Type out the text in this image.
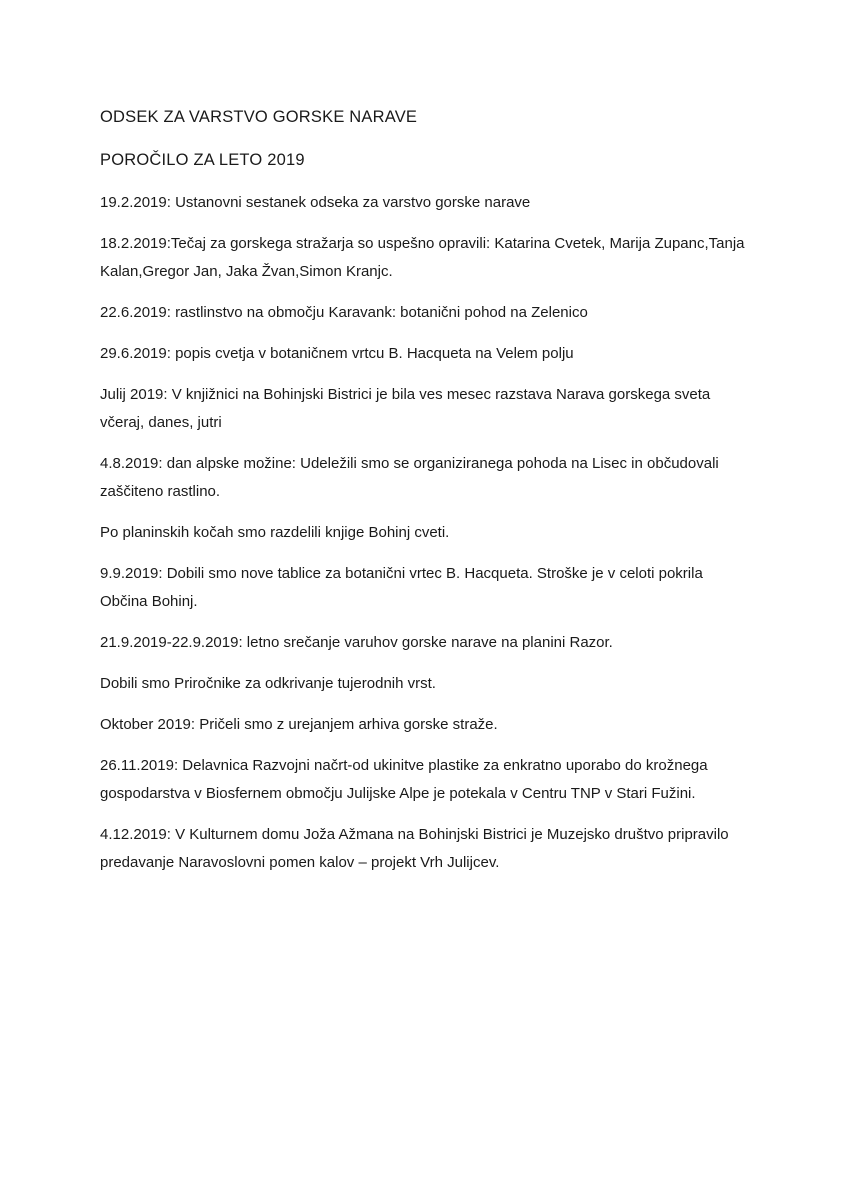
ODSEK ZA VARSTVO GORSKE NARAVE
POROČILO ZA LETO 2019

19.2.2019: Ustanovni sestanek odseka za varstvo gorske narave

18.2.2019:Tečaj za gorskega stražarja so uspešno opravili: Katarina Cvetek, Marija Zupanc,Tanja Kalan,Gregor Jan, Jaka Žvan,Simon Kranjc.

22.6.2019: rastlinstvo na območju Karavank: botanični pohod na Zelenico

29.6.2019: popis cvetja v botaničnem vrtcu B. Hacqueta na Velem polju

Julij 2019: V knjižnici na Bohinjski Bistrici je bila ves mesec razstava Narava gorskega sveta včeraj, danes, jutri

4.8.2019: dan alpske možine: Udeležili smo se organiziranega pohoda na Lisec in občudovali zaščiteno rastlino.

Po planinskih kočah smo razdelili knjige Bohinj cveti.

9.9.2019: Dobili smo nove tablice za botanični vrtec B. Hacqueta. Stroške je v celoti pokrila Občina Bohinj.

21.9.2019-22.9.2019: letno srečanje varuhov gorske narave na planini Razor.

Dobili smo Priročnike za odkrivanje tujerodnih vrst.

Oktober 2019: Pričeli smo z urejanjem arhiva gorske straže.

26.11.2019: Delavnica Razvojni načrt-od ukinitve plastike za enkratno uporabo do krožnega gospodarstva v Biosfernem območju Julijske Alpe je potekala v Centru TNP v Stari Fužini.

4.12.2019: V Kulturnem domu Joža Ažmana na Bohinjski Bistrici je Muzejsko društvo pripravilo predavanje Naravoslovni pomen kalov – projekt Vrh Julijcev.
